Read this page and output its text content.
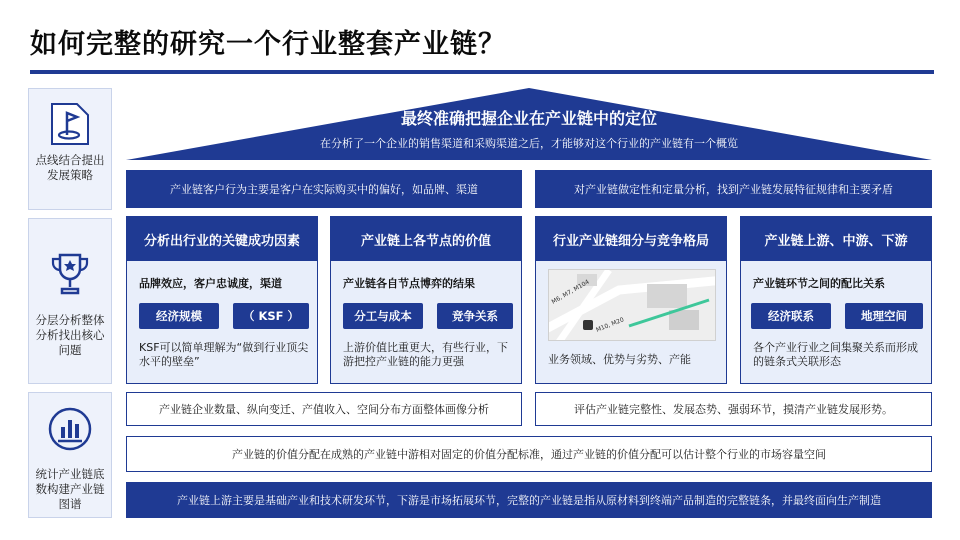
如何完整的研究一个行业整套产业链？
点线结合提出发展策略
分层分析整体分析找出核心问题
统计产业链底数构建产业链图谱
最终准确把握企业在产业链中的定位
在分析了一个企业的销售渠道和采购渠道之后，才能够对这个行业的产业链有一个概览
产业链客户行为主要是客户在实际购买中的偏好，如品牌、渠道	对产业链做定性和定量分析，找到产业链发展特征规律和主要矛盾
分析出行业的关键成功因素
品牌效应，客户忠诚度，渠道
经济规模	（ KSF ）
KSF可以简单理解为“做到行业顶尖水平的壁垒”
产业链上各节点的价值
产业链各自节点博弈的结果
分工与成本	竞争关系
上游价值比重更大，有些行业，下游把控产业链的能力更强
行业产业链细分与竞争格局
M6, M7, M104
M10, M20
业务领域、优势与劣势、产能
产业链上游、中游、下游
产业链环节之间的配比关系
经济联系	地理空间
各个产业行业之间集聚关系而形成的链条式关联形态
产业链企业数量、纵向变迁、产值收入、空间分布方面整体画像分析	评估产业链完整性、发展态势、强弱环节，摸清产业链发展形势。
产业链的价值分配在成熟的产业链中游相对固定的价值分配标准，通过产业链的价值分配可以估计整个行业的市场容量空间
产业链上游主要是基础产业和技术研发环节，下游是市场拓展环节，完整的产业链是指从原材料到终端产品制造的完整链条，并最终面向生产制造
